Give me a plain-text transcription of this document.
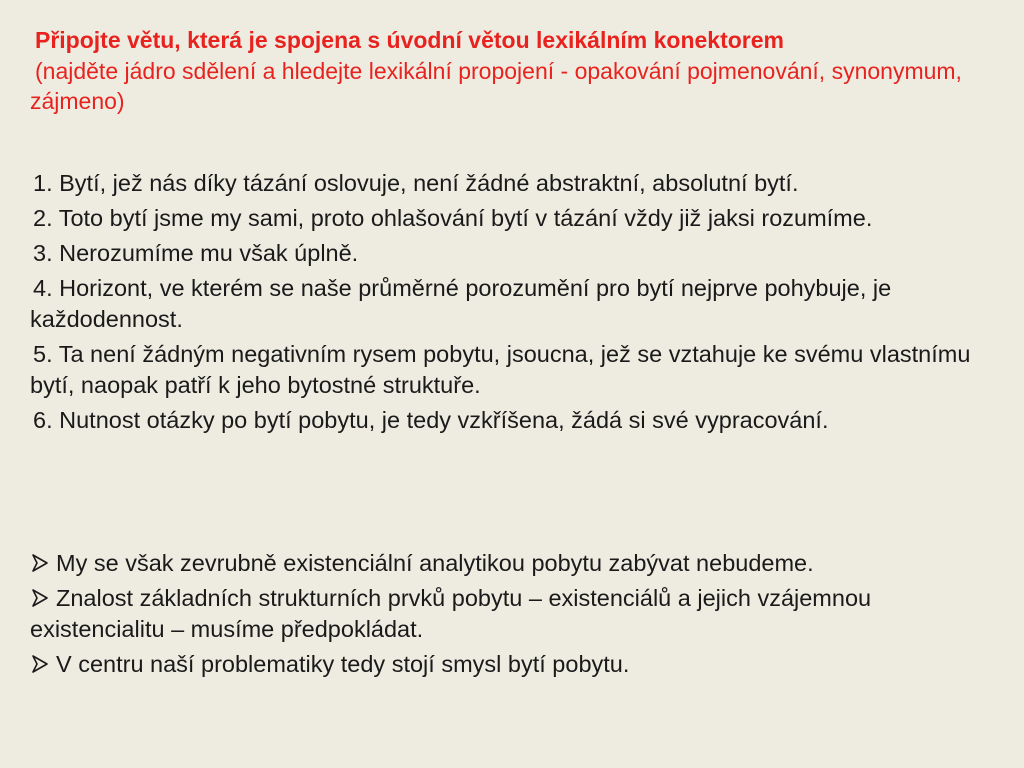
Připojte větu, která je spojena s úvodní větou lexikálním konektorem
(najděte jádro sdělení a hledejte lexikální propojení - opakování pojmenování, synonymum, zájmeno)
1. Bytí, jež nás díky tázání oslovuje, není žádné abstraktní, absolutní bytí.
2. Toto bytí jsme my sami, proto ohlašování bytí v tázání vždy již jaksi rozumíme.
3. Nerozumíme mu však úplně.
4. Horizont, ve kterém se naše průměrné porozumění pro bytí nejprve pohybuje, je každodennost.
5. Ta není žádným negativním rysem pobytu, jsoucna, jež se vztahuje ke svému vlastnímu bytí, naopak patří k jeho bytostné struktuře.
6. Nutnost otázky po bytí pobytu, je tedy vzkříšena, žádá si své vypracování.
My se však zevrubně existenciální analytikou pobytu zabývat nebudeme.
Znalost základních strukturních prvků pobytu – existenciálů a jejich vzájemnou existencialitu – musíme předpokládat.
V centru naší problematiky tedy stojí smysl bytí pobytu.
